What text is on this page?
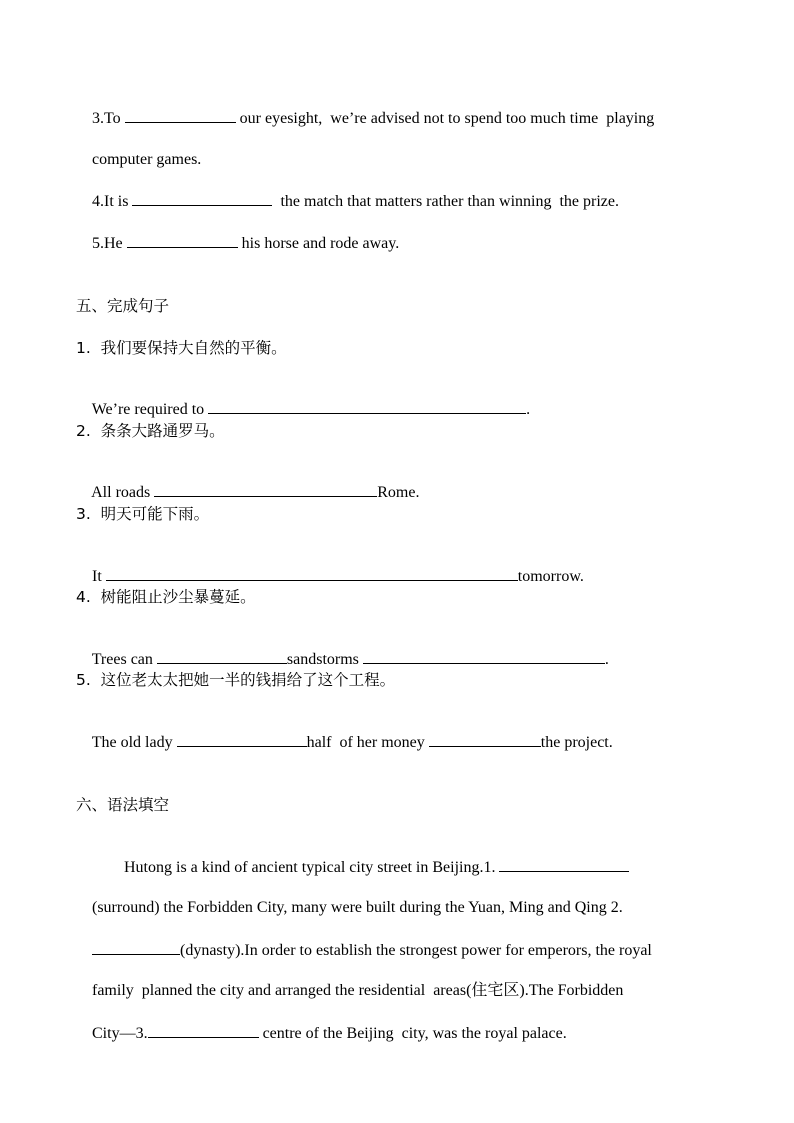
3.To	our eyesight,  we’re advised not to spend too much time  playing

computer games.

4.It is	the match that matters rather than winning  the prize.

5.He	his horse and rode away.

五、完成句子
1.  我们要保持大自然的平衡。

We’re required to	.

2.  条条大路通罗马。

All roads	Rome.

3.  明天可能下雨。

It	tomorrow.

4.  树能阻止沙尘暴蔓延。

Trees can	sandstorms	.

5.  这位老太太把她一半的钱捐给了这个工程。

The old lady	half  of her money	the project.

六、语法填空

Hutong is a kind of ancient typical city street in Beijing.1.

(surround) the Forbidden City, many were built during the Yuan, Ming and Qing 2.

(dynasty).In order to establish the strongest power for emperors, the royal

family  planned the city and arranged the residential  areas(住宅区).The Forbidden

City—3.	centre of the Beijing  city, was the royal palace.
